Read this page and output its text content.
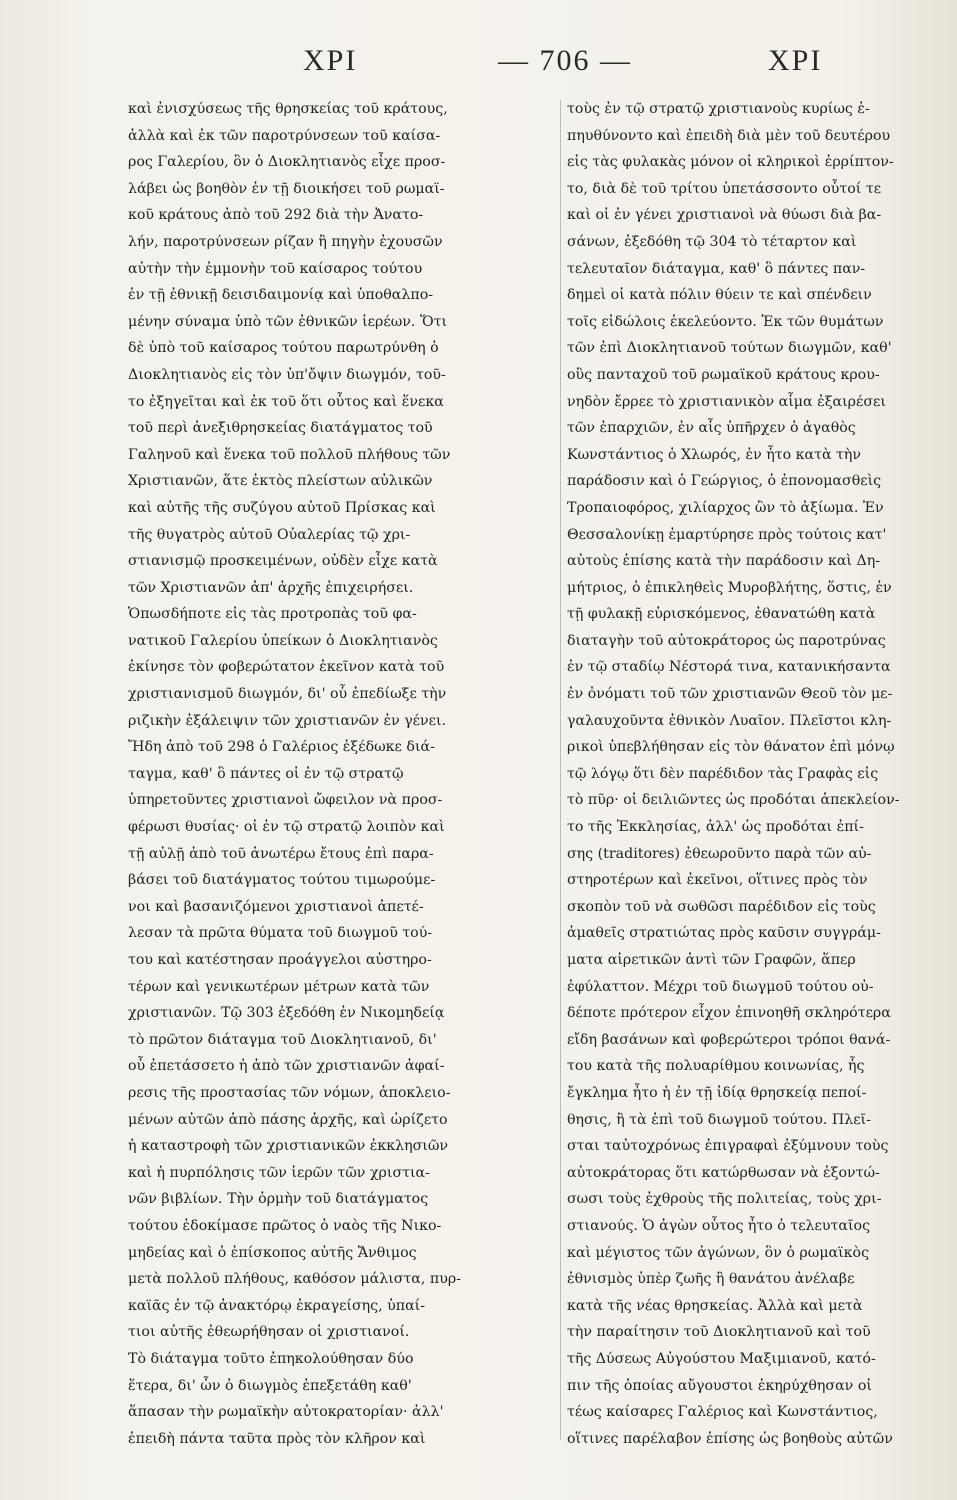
ΧΡΙ	— 706 —	ΧΡΙ
καὶ ἐνισχύσεως τῆς θρησκείας τοῦ κράτους,
ἀλλὰ καὶ ἐκ τῶν παροτρύνσεων τοῦ καίσα-
ρος Γαλερίου, ὃν ὁ Διοκλητιανὸς εἶχε προσ-
λάβει ὡς βοηθὸν ἐν τῇ διοικήσει τοῦ ρωμαϊ-
κοῦ κράτους ἀπὸ τοῦ 292 διὰ τὴν Ἀνατο-
λήν, παροτρύνσεων ρίζαν ἢ πηγὴν ἐχουσῶν
αὐτὴν τὴν ἐμμονὴν τοῦ καίσαρος τούτου
ἐν τῇ ἐθνικῇ δεισιδαιμονίᾳ καὶ ὑποθαλπο-
μένην σύναμα ὑπὸ τῶν ἐθνικῶν ἱερέων. Ὅτι
δὲ ὑπὸ τοῦ καίσαρος τούτου παρωτρύνθη ὁ
Διοκλητιανὸς εἰς τὸν ὑπ'ὄψιν διωγμόν, τοῦ-
το ἐξηγεῖται καὶ ἐκ τοῦ ὅτι οὗτος καὶ ἕνεκα
τοῦ περὶ ἀνεξιθρησκείας διατάγματος τοῦ
Γαληνοῦ καὶ ἕνεκα τοῦ πολλοῦ πλήθους τῶν
Χριστιανῶν, ἅτε ἐκτὸς πλείστων αὐλικῶν
καὶ αὐτῆς τῆς συζύγου αὐτοῦ Πρίσκας καὶ
τῆς θυγατρὸς αὐτοῦ Οὐαλερίας τῷ χρι-
στιανισμῷ προσκειμένων, οὐδὲν εἶχε κατὰ
τῶν Χριστιανῶν ἀπ' ἀρχῆς ἐπιχειρήσει.
Ὁπωσδήποτε εἰς τὰς προτροπὰς τοῦ φα-
νατικοῦ Γαλερίου ὑπείκων ὁ Διοκλητιανὸς
ἐκίνησε τὸν φοβερώτατον ἐκεῖνον κατὰ τοῦ
χριστιανισμοῦ διωγμόν, δι' οὗ ἐπεδίωξε τὴν
ριζικὴν ἐξάλειψιν τῶν χριστιανῶν ἐν γένει.
Ἤδη ἀπὸ τοῦ 298 ὁ Γαλέριος ἐξέδωκε διά-
ταγμα, καθ' ὃ πάντες οἱ ἐν τῷ στρατῷ
ὑπηρετοῦντες χριστιανοὶ ὤφειλον νὰ προσ-
φέρωσι θυσίας· οἱ ἐν τῷ στρατῷ λοιπὸν καὶ
τῇ αὐλῇ ἀπὸ τοῦ ἀνωτέρω ἔτους ἐπὶ παρα-
βάσει τοῦ διατάγματος τούτου τιμωρούμε-
νοι καὶ βασανιζόμενοι χριστιανοὶ ἀπετέ-
λεσαν τὰ πρῶτα θύματα τοῦ διωγμοῦ τού-
του καὶ κατέστησαν προάγγελοι αὐστηρο-
τέρων καὶ γενικωτέρων μέτρων κατὰ τῶν
χριστιανῶν. Τῷ 303 ἐξεδόθη ἐν Νικομηδείᾳ
τὸ πρῶτον διάταγμα τοῦ Διοκλητιανοῦ, δι'
οὗ ἐπετάσσετο ἡ ἀπὸ τῶν χριστιανῶν ἀφαί-
ρεσις τῆς προστασίας τῶν νόμων, ἀποκλειο-
μένων αὐτῶν ἀπὸ πάσης ἀρχῆς, καὶ ὡρίζετο
ἡ καταστροφὴ τῶν χριστιανικῶν ἐκκλησιῶν
καὶ ἡ πυρπόλησις τῶν ἱερῶν τῶν χριστια-
νῶν βιβλίων. Τὴν ὁρμὴν τοῦ διατάγματος
τούτου ἐδοκίμασε πρῶτος ὁ ναὸς τῆς Νικο-
μηδείας καὶ ὁ ἐπίσκοπος αὐτῆς Ἄνθιμος
μετὰ πολλοῦ πλήθους, καθόσον μάλιστα, πυρ-
καϊᾶς ἐν τῷ ἀνακτόρῳ ἐκραγείσης, ὑπαί-
τιοι αὐτῆς ἐθεωρήθησαν οἱ χριστιανοί.
Τὸ διάταγμα τοῦτο ἐπηκολούθησαν δύο
ἕτερα, δι' ὧν ὁ διωγμὸς ἐπεξετάθη καθ'
ἅπασαν τὴν ρωμαϊκὴν αὐτοκρατορίαν· ἀλλ'
ἐπειδὴ πάντα ταῦτα πρὸς τὸν κλῆρον καὶ
τοὺς ἐν τῷ στρατῷ χριστιανοὺς κυρίως ἐ-
πηυθύνοντο καὶ ἐπειδὴ διὰ μὲν τοῦ δευτέρου
εἰς τὰς φυλακὰς μόνον οἱ κληρικοὶ ἐρρίπτον-
το, διὰ δὲ τοῦ τρίτου ὑπετάσσοντο οὗτοί τε
καὶ οἱ ἐν γένει χριστιανοὶ νὰ θύωσι διὰ βα-
σάνων, ἐξεδόθη τῷ 304 τὸ τέταρτον καὶ
τελευταῖον διάταγμα, καθ' ὃ πάντες παν-
δημεὶ οἱ κατὰ πόλιν θύειν τε καὶ σπένδειν
τοῖς εἰδώλοις ἐκελεύοντο. Ἐκ τῶν θυμάτων
τῶν ἐπὶ Διοκλητιανοῦ τούτων διωγμῶν, καθ'
οὓς πανταχοῦ τοῦ ρωμαϊκοῦ κράτους κρου-
νηδὸν ἔρρεε τὸ χριστιανικὸν αἷμα ἐξαιρέσει
τῶν ἐπαρχιῶν, ἐν αἷς ὑπῆρχεν ὁ ἀγαθὸς
Κωνστάντιος ὁ Χλωρός, ἐν ἧτο κατὰ τὴν
παράδοσιν καὶ ὁ Γεώργιος, ὁ ἐπονομασθεὶς
Τροπαιοφόρος, χιλίαρχος ὢν τὸ ἀξίωμα. Ἐν
Θεσσαλονίκῃ ἐμαρτύρησε πρὸς τούτοις κατ'
αὐτοὺς ἐπίσης κατὰ τὴν παράδοσιν καὶ Δη-
μήτριος, ὁ ἐπικληθεὶς Μυροβλήτης, ὅστις, ἐν
τῇ φυλακῇ εὑρισκόμενος, ἐθανατώθη κατὰ
διαταγὴν τοῦ αὐτοκράτορος ὡς παροτρύνας
ἐν τῷ σταδίῳ Νέστορά τινα, κατανικήσαντα
ἐν ὀνόματι τοῦ τῶν χριστιανῶν Θεοῦ τὸν με-
γαλαυχοῦντα ἐθνικὸν Λυαῖον. Πλεῖστοι κλη-
ρικοὶ ὑπεβλήθησαν εἰς τὸν θάνατον ἐπὶ μόνῳ
τῷ λόγῳ ὅτι δὲν παρέδιδον τὰς Γραφὰς εἰς
τὸ πῦρ· οἱ δειλιῶντες ὡς προδόται ἀπεκλείον-
το τῆς Ἐκκλησίας, ἀλλ' ὡς προδόται ἐπί-
σης (traditores) ἐθεωροῦντο παρὰ τῶν αὐ-
στηροτέρων καὶ ἐκεῖνοι, οἵτινες πρὸς τὸν
σκοπὸν τοῦ νὰ σωθῶσι παρέδιδον εἰς τοὺς
ἀμαθεῖς στρατιώτας πρὸς καῦσιν συγγράμ-
ματα αἱρετικῶν ἀντὶ τῶν Γραφῶν, ἅπερ
ἐφύλαττον. Μέχρι τοῦ διωγμοῦ τούτου οὐ-
δέποτε πρότερον εἶχον ἐπινοηθῆ σκληρότερα
εἴδη βασάνων καὶ φοβερώτεροι τρόποι θανά-
του κατὰ τῆς πολυαρίθμου κοινωνίας, ἧς
ἔγκλημα ἦτο ἡ ἐν τῇ ἰδίᾳ θρησκείᾳ πεποί-
θησις, ἢ τὰ ἐπὶ τοῦ διωγμοῦ τούτου. Πλεῖ-
σται ταὐτοχρόνως ἐπιγραφαὶ ἐξύμνουν τοὺς
αὐτοκράτορας ὅτι κατώρθωσαν νὰ ἐξοντώ-
σωσι τοὺς ἐχθροὺς τῆς πολιτείας, τοὺς χρι-
στιανούς. Ὁ ἀγὼν οὗτος ἦτο ὁ τελευταῖος
καὶ μέγιστος τῶν ἀγώνων, ὃν ὁ ρωμαϊκὸς
ἐθνισμὸς ὑπὲρ ζωῆς ἢ θανάτου ἀνέλαβε
κατὰ τῆς νέας θρησκείας. Ἀλλὰ καὶ μετὰ
τὴν παραίτησιν τοῦ Διοκλητιανοῦ καὶ τοῦ
τῆς Δύσεως Αὐγούστου Μαξιμιανοῦ, κατό-
πιν τῆς ὁποίας αὔγουστοι ἐκηρύχθησαν οἱ
τέως καίσαρες Γαλέριος καὶ Κωνστάντιος,
οἵτινες παρέλαβον ἐπίσης ὡς βοηθοὺς αὐτῶν
